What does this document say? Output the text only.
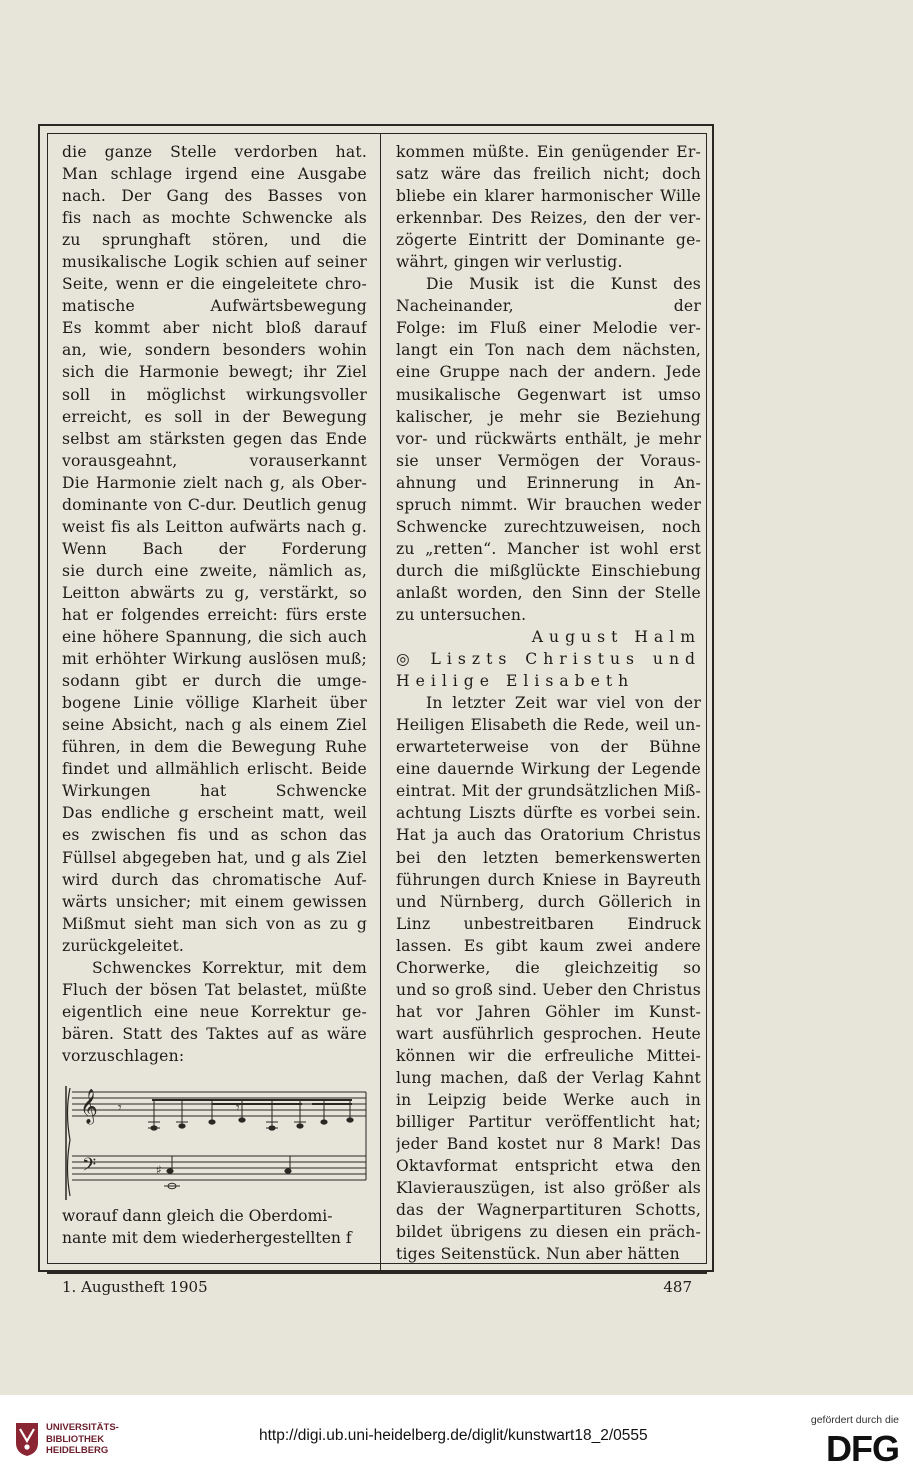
die ganze Stelle verdorben hat.
Man schlage irgend eine Ausgabe
nach. Der Gang des Basses von
fis nach as mochte Schwencke als
zu sprunghaft stören, und die
musikalische Logik schien auf seiner
Seite, wenn er die eingeleitete chro-
matische Aufwärtsbewegung
Es kommt aber nicht bloß darauf
an, wie, sondern besonders wohin
sich die Harmonie bewegt; ihr Ziel
soll in möglichst wirkungsvoller
erreicht, es soll in der Bewegung
selbst am stärksten gegen das Ende
vorausgeahnt, vorauserkannt
Die Harmonie zielt nach g, als Ober-
dominante von C-dur. Deutlich genug
weist fis als Leitton aufwärts nach g.
Wenn Bach der Forderung
sie durch eine zweite, nämlich as,
Leitton abwärts zu g, verstärkt, so
hat er folgendes erreicht: fürs erste
eine höhere Spannung, die sich auch
mit erhöhter Wirkung auslösen muß;
sodann gibt er durch die umge-
bogene Linie völlige Klarheit über
seine Absicht, nach g als einem Ziel
führen, in dem die Bewegung Ruhe
findet und allmählich erlischt. Beide
Wirkungen hat Schwencke
Das endliche g erscheint matt, weil
es zwischen fis und as schon das
Füllsel abgegeben hat, und g als Ziel
wird durch das chromatische Auf-
wärts unsicher; mit einem gewissen
Mißmut sieht man sich von as zu g
zurückgeleitet.
Schwenckes Korrektur, mit dem
Fluch der bösen Tat belastet, müßte
eigentlich eine neue Korrektur ge-
bären. Statt des Taktes auf as wäre
vorzuschlagen:
𝄞
𝄢
𝄾	𝄾
♯
worauf dann gleich die Oberdomi-nante mit dem wiederhergestellten f
kommen müßte. Ein genügender Er-
satz wäre das freilich nicht; doch
bliebe ein klarer harmonischer Wille
erkennbar. Des Reizes, den der ver-
zögerte Eintritt der Dominante ge-
währt, gingen wir verlustig.
Die Musik ist die Kunst des
Nacheinander, der
Folge: im Fluß einer Melodie ver-
langt ein Ton nach dem nächsten,
eine Gruppe nach der andern. Jede
musikalische Gegenwart ist umso
kalischer, je mehr sie Beziehung
vor- und rückwärts enthält, je mehr
sie unser Vermögen der Voraus-
ahnung und Erinnerung in An-
spruch nimmt. Wir brauchen weder
Schwencke zurechtzuweisen, noch
zu „retten“. Mancher ist wohl erst
durch die mißglückte Einschiebung
anlaßt worden, den Sinn der Stelle
zu untersuchen.
August Halm
◎ Liszts Christus und
Heilige Elisabeth
In letzter Zeit war viel von der
Heiligen Elisabeth die Rede, weil un-
erwarteterweise von der Bühne
eine dauernde Wirkung der Legende
eintrat. Mit der grundsätzlichen Miß-
achtung Liszts dürfte es vorbei sein.
Hat ja auch das Oratorium Christus
bei den letzten bemerkenswerten
führungen durch Kniese in Bayreuth
und Nürnberg, durch Göllerich in
Linz unbestreitbaren Eindruck
lassen. Es gibt kaum zwei andere
Chorwerke, die gleichzeitig so
und so groß sind. Ueber den Christus
hat vor Jahren Göhler im Kunst-
wart ausführlich gesprochen. Heute
können wir die erfreuliche Mittei-
lung machen, daß der Verlag Kahnt
in Leipzig beide Werke auch in
billiger Partitur veröffentlicht hat;
jeder Band kostet nur 8 Mark! Das
Oktavformat entspricht etwa den
Klavierauszügen, ist also größer als
das der Wagnerpartituren Schotts,
bildet übrigens zu diesen ein präch-
tiges Seitenstück. Nun aber hätten
1. Augustheft 1905	487
UNIVERSITÄTS-
BIBLIOTHEK
HEIDELBERG
http://digi.ub.uni-heidelberg.de/diglit/kunstwart18_2/0555
gefördert durch die
DFG
